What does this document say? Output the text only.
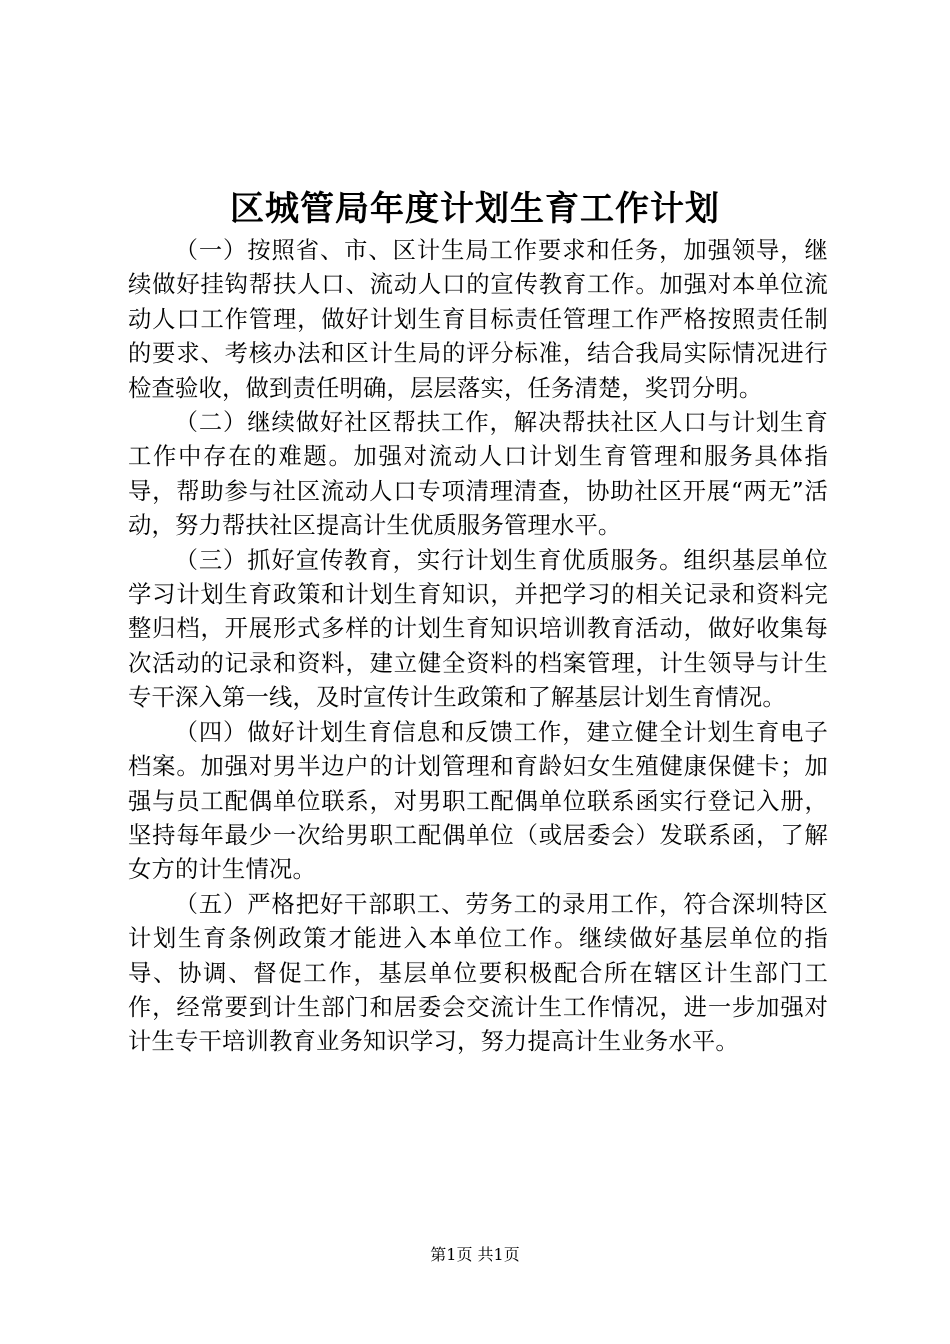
区城管局年度计划生育工作计划

（一）按照省、市、区计生局工作要求和任务，加强领导，继续做好挂钩帮扶人口、流动人口的宣传教育工作。加强对本单位流动人口工作管理，做好计划生育目标责任管理工作严格按照责任制的要求、考核办法和区计生局的评分标准，结合我局实际情况进行检查验收，做到责任明确，层层落实，任务清楚，奖罚分明。

（二）继续做好社区帮扶工作，解决帮扶社区人口与计划生育工作中存在的难题。加强对流动人口计划生育管理和服务具体指导，帮助参与社区流动人口专项清理清查，协助社区开展“两无”活动，努力帮扶社区提高计生优质服务管理水平。

（三）抓好宣传教育，实行计划生育优质服务。组织基层单位学习计划生育政策和计划生育知识，并把学习的相关记录和资料完整归档，开展形式多样的计划生育知识培训教育活动，做好收集每次活动的记录和资料，建立健全资料的档案管理，计生领导与计生专干深入第一线，及时宣传计生政策和了解基层计划生育情况。

（四）做好计划生育信息和反馈工作，建立健全计划生育电子档案。加强对男半边户的计划管理和育龄妇女生殖健康保健卡；加强与员工配偶单位联系，对男职工配偶单位联系函实行登记入册，坚持每年最少一次给男职工配偶单位（或居委会）发联系函，了解女方的计生情况。

（五）严格把好干部职工、劳务工的录用工作，符合深圳特区计划生育条例政策才能进入本单位工作。继续做好基层单位的指导、协调、督促工作，基层单位要积极配合所在辖区计生部门工作，经常要到计生部门和居委会交流计生工作情况，进一步加强对计生专干培训教育业务知识学习，努力提高计生业务水平。

第1页 共1页
